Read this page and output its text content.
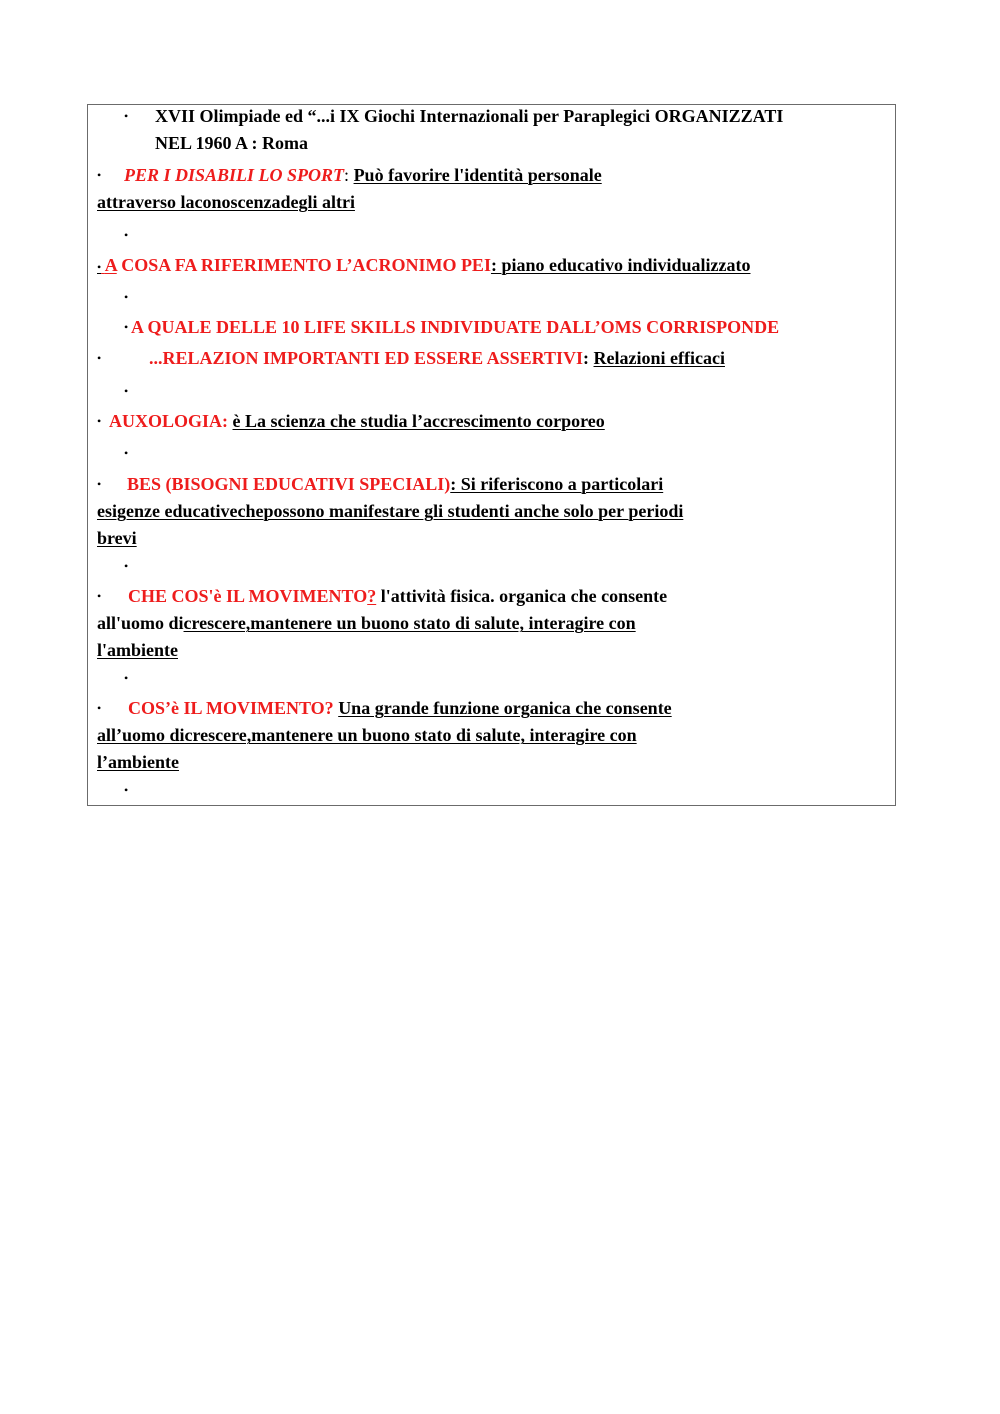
• XVII Olimpiade ed “...i IX Giochi Internazionali per Paraplegici ORGANIZZATI
NEL 1960 A : Roma
• PER I DISABILI LO SPORT: Può favorire l'identità personale
attraverso laconoscenzadegli altri
•
• A COSA FA RIFERIMENTO L’ACRONIMO PEI: piano educativo individualizzato
•
• A QUALE DELLE 10 LIFE SKILLS INDIVIDUATE DALL’OMS CORRISPONDE
•	...RELAZION IMPORTANTI ED ESSERE ASSERTIVI: Relazioni efficaci
•
• AUXOLOGIA: è La scienza che studia l’accrescimento corporeo
•
• BES (BISOGNI EDUCATIVI SPECIALI): Si riferiscono a particolari
esigenze educativechepossono manifestare gli studenti anche solo per periodi
brevi
•
• CHE COS'è IL MOVIMENTO? l'attività fisica. organica che consente
all'uomo dicrescere,mantenere un buono stato di salute, interagire con
l'ambiente
•
• COS’è IL MOVIMENTO? Una grande funzione organica che consente
all’uomo dicrescere,mantenere un buono stato di salute, interagire con
l’ambiente
•
